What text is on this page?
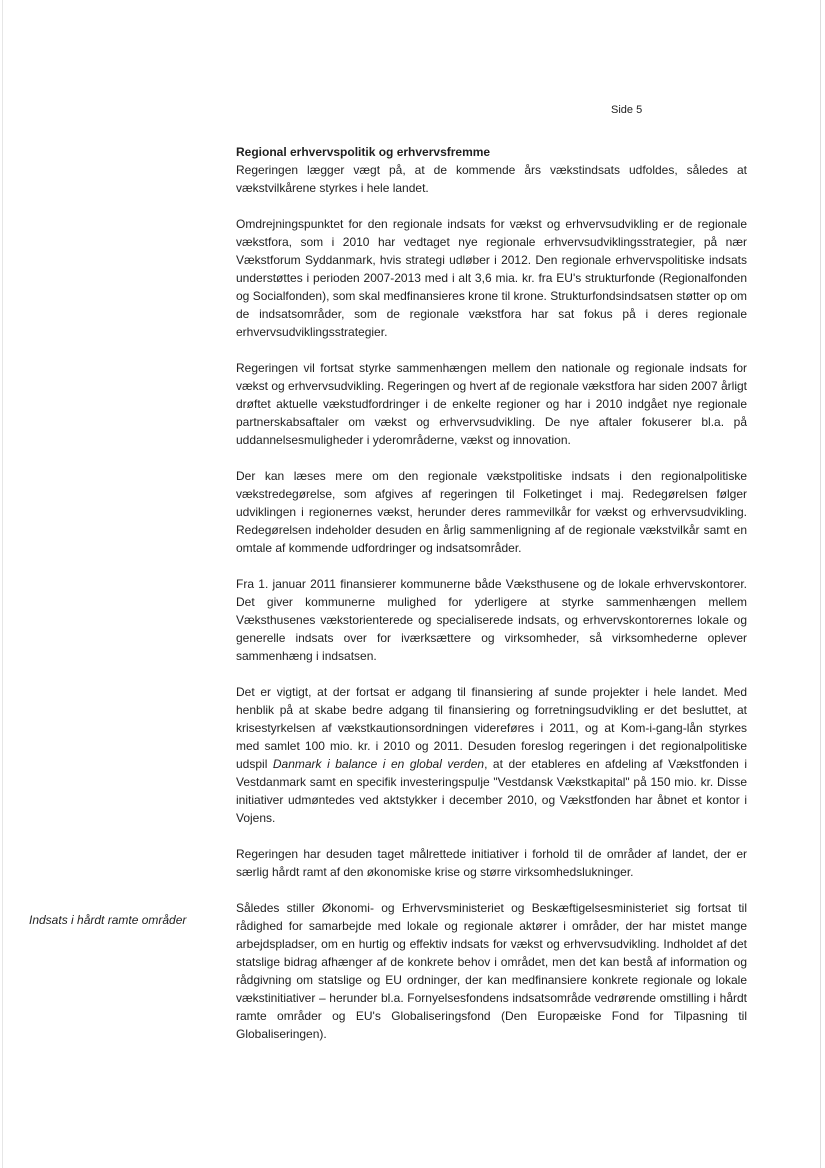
Side 5
Indsats i hårdt ramte områder
Regional erhvervspolitik og erhvervsfremme

Regeringen lægger vægt på, at de kommende års vækstindsats udfoldes, således at vækstvilkårene styrkes i hele landet.

Omdrejningspunktet for den regionale indsats for vækst og erhvervsudvikling er de regionale vækstfora, som i 2010 har vedtaget nye regionale erhvervsudviklingsstrategier, på nær Vækstforum Syddanmark, hvis strategi udløber i 2012. Den regionale erhvervspolitiske indsats understøttes i perioden 2007-2013 med i alt 3,6 mia. kr. fra EU's strukturfonde (Regionalfonden og Socialfonden), som skal medfinansieres krone til krone. Strukturfondsindsatsen støtter op om de indsatsområder, som de regionale vækstfora har sat fokus på i deres regionale erhvervsudviklingsstrategier.

Regeringen vil fortsat styrke sammenhængen mellem den nationale og regionale indsats for vækst og erhvervsudvikling. Regeringen og hvert af de regionale vækstfora har siden 2007 årligt drøftet aktuelle vækstudfordringer i de enkelte regioner og har i 2010 indgået nye regionale partnerskabsaftaler om vækst og erhvervsudvikling. De nye aftaler fokuserer bl.a. på uddannelsesmuligheder i yderområderne, vækst og innovation.

Der kan læses mere om den regionale vækstpolitiske indsats i den regionalpolitiske vækstredegørelse, som afgives af regeringen til Folketinget i maj. Redegørelsen følger udviklingen i regionernes vækst, herunder deres rammevilkår for vækst og erhvervsudvikling. Redegørelsen indeholder desuden en årlig sammenligning af de regionale vækstvilkår samt en omtale af kommende udfordringer og indsatsområder.

Fra 1. januar 2011 finansierer kommunerne både Væksthusene og de lokale erhvervskontorer. Det giver kommunerne mulighed for yderligere at styrke sammenhængen mellem Væksthusenes vækstorienterede og specialiserede indsats, og erhvervskontorernes lokale og generelle indsats over for iværksættere og virksomheder, så virksomhederne oplever sammenhæng i indsatsen.

Det er vigtigt, at der fortsat er adgang til finansiering af sunde projekter i hele landet. Med henblik på at skabe bedre adgang til finansiering og forretningsudvikling er det besluttet, at krisestyrkelsen af vækstkautionsordningen videreføres i 2011, og at Kom-i-gang-lån styrkes med samlet 100 mio. kr. i 2010 og 2011. Desuden foreslog regeringen i det regionalpolitiske udspil Danmark i balance i en global verden, at der etableres en afdeling af Vækstfonden i Vestdanmark samt en specifik investeringspulje "Vestdansk Vækstkapital" på 150 mio. kr. Disse initiativer udmøntedes ved aktstykker i december 2010, og Vækstfonden har åbnet et kontor i Vojens.

Regeringen har desuden taget målrettede initiativer i forhold til de områder af landet, der er særlig hårdt ramt af den økonomiske krise og større virksomhedslukninger.

Således stiller Økonomi- og Erhvervsministeriet og Beskæftigelsesministeriet sig fortsat til rådighed for samarbejde med lokale og regionale aktører i områder, der har mistet mange arbejdspladser, om en hurtig og effektiv indsats for vækst og erhvervsudvikling. Indholdet af det statslige bidrag afhænger af de konkrete behov i området, men det kan bestå af information og rådgivning om statslige og EU ordninger, der kan medfinansiere konkrete regionale og lokale vækstinitiativer – herunder bl.a. Fornyelsesfondens indsatsområde vedrørende omstilling i hårdt ramte områder og EU's Globaliseringsfond (Den Europæiske Fond for Tilpasning til Globaliseringen).
